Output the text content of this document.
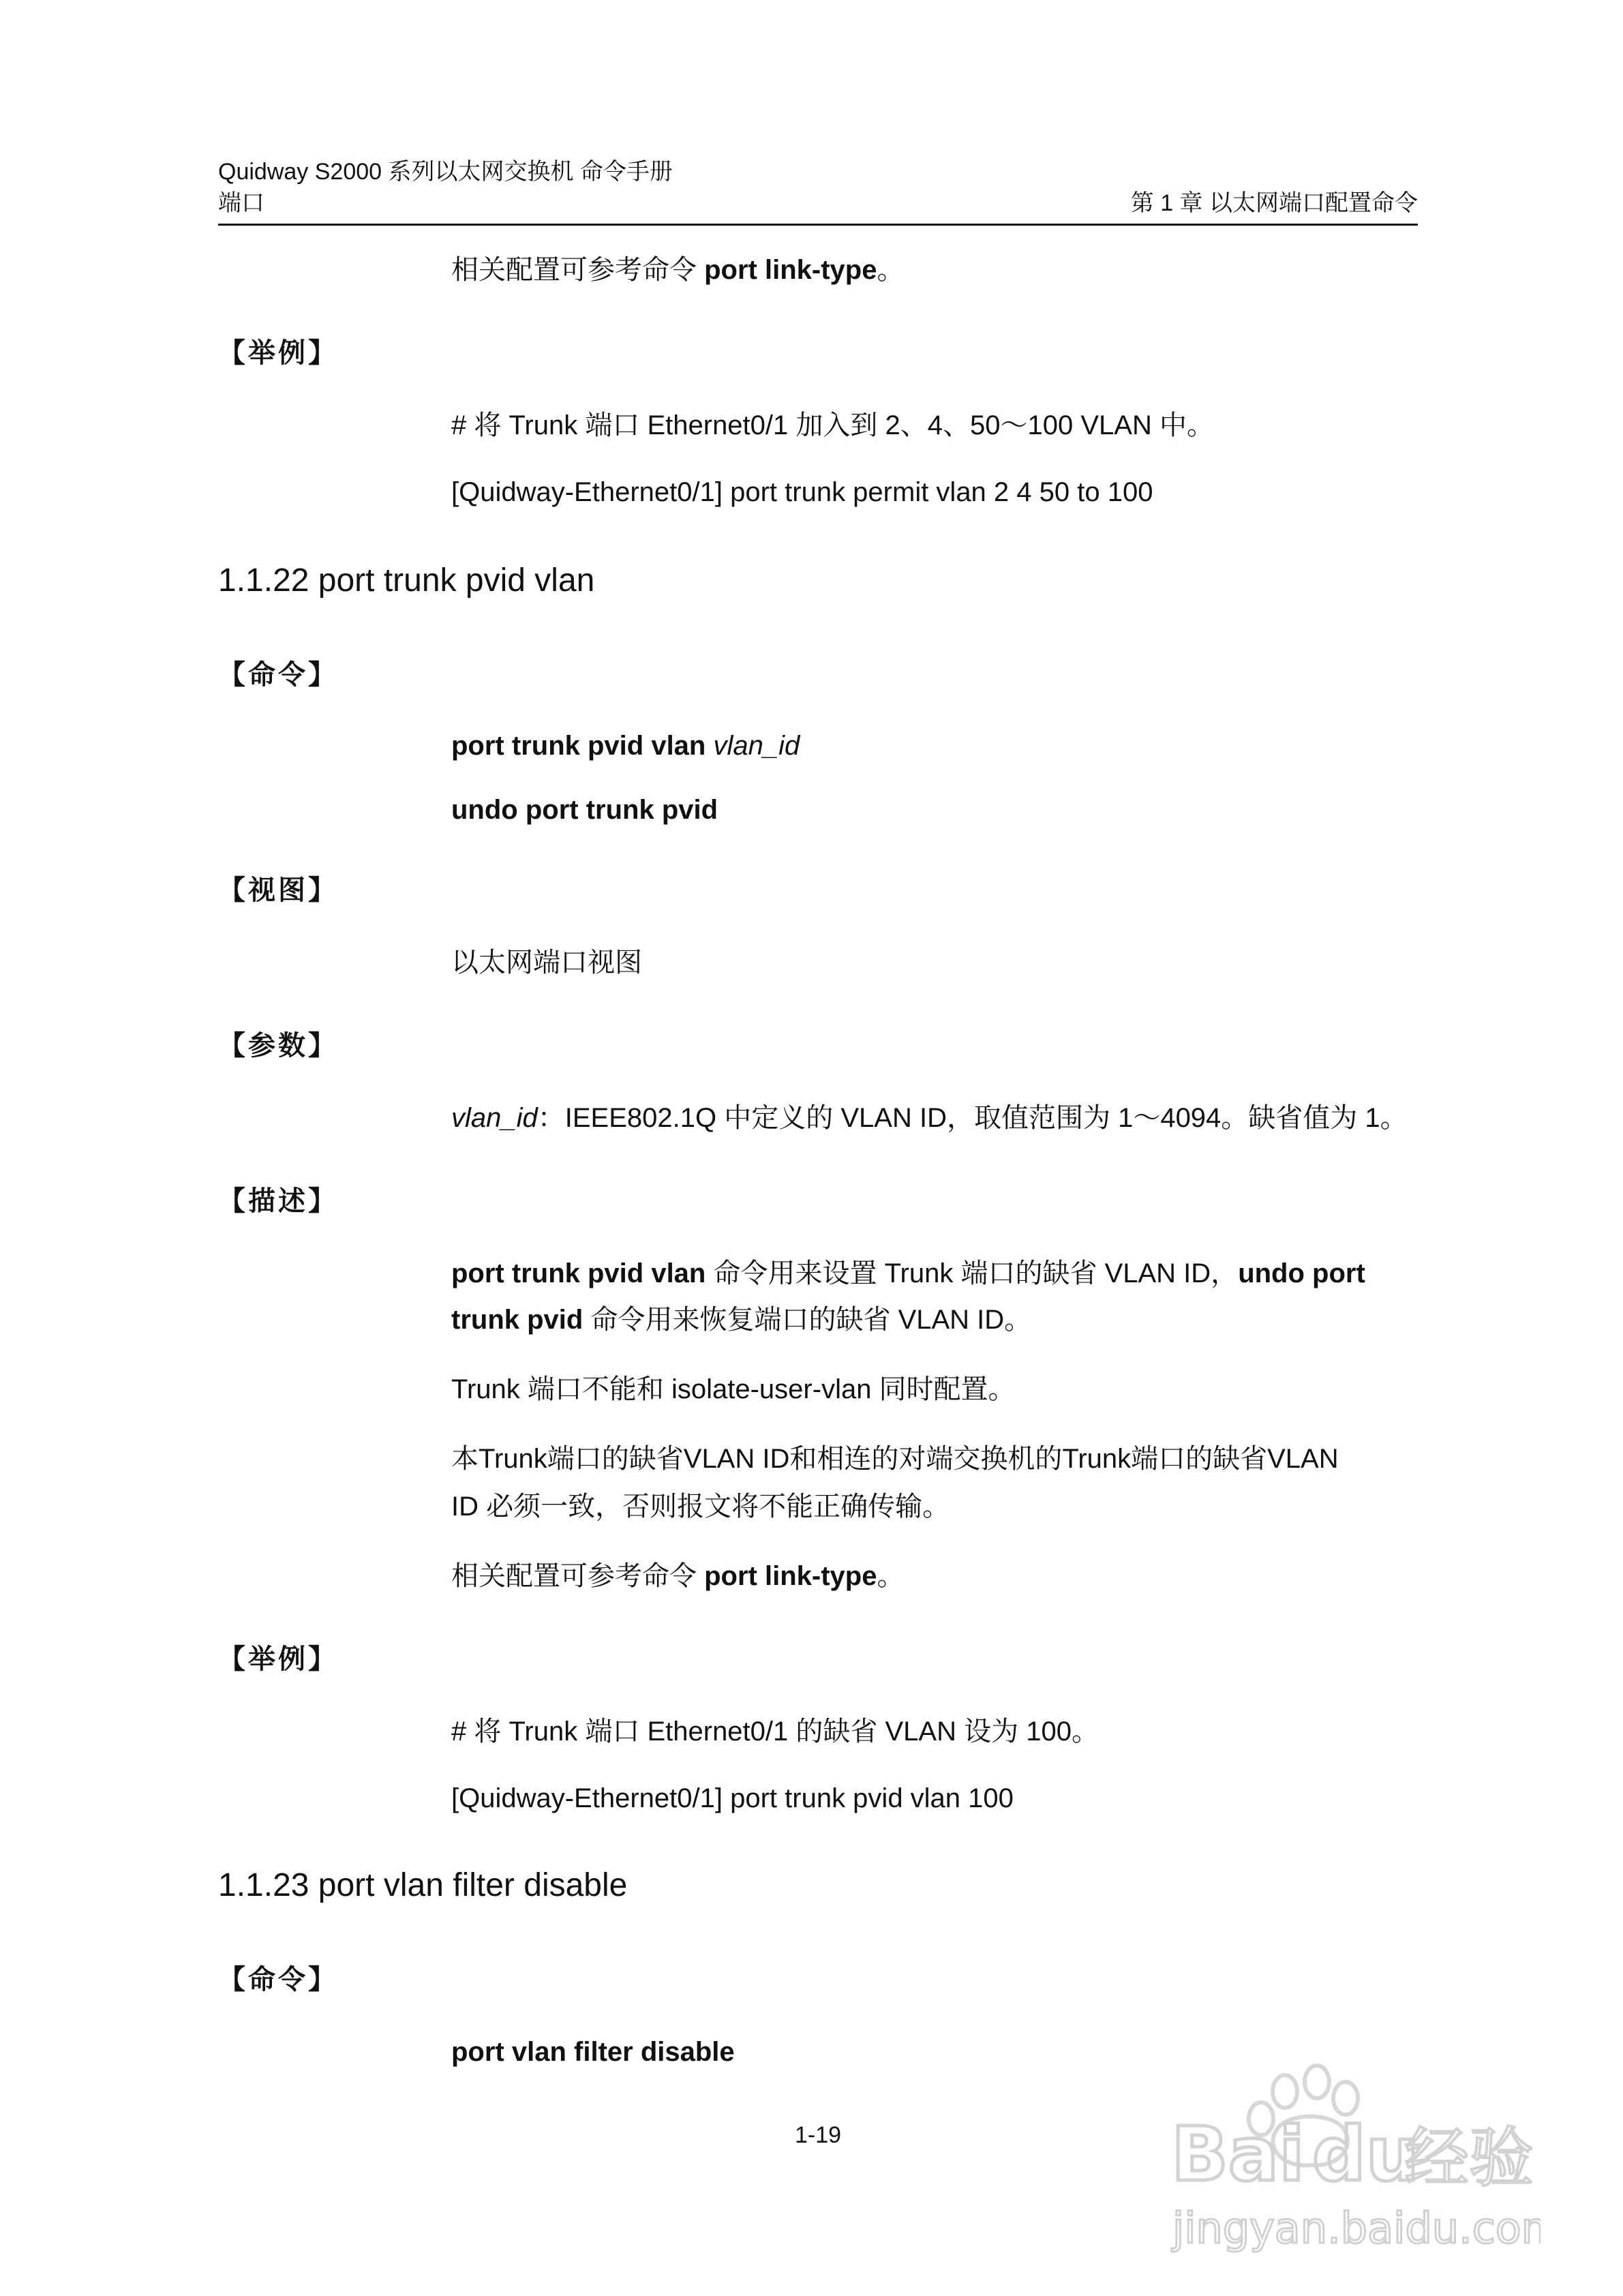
Quidway S2000 系列以太网交换机 命令手册
端口	第 1 章 以太网端口配置命令
相关配置可参考命令 port link-type。
【举例】
# 将 Trunk 端口 Ethernet0/1 加入到 2、4、50～100 VLAN 中。
[Quidway-Ethernet0/1] port trunk permit vlan 2 4 50 to 100
1.1.22 port trunk pvid vlan
【命令】
port trunk pvid vlan vlan_id
undo port trunk pvid
【视图】
以太网端口视图
【参数】
vlan_id：IEEE802.1Q 中定义的 VLAN ID，取值范围为 1～4094。缺省值为 1。
【描述】
port trunk pvid vlan 命令用来设置 Trunk 端口的缺省 VLAN ID，undo port
trunk pvid 命令用来恢复端口的缺省 VLAN ID。
Trunk 端口不能和 isolate-user-vlan 同时配置。
本Trunk端口的缺省VLAN ID和相连的对端交换机的Trunk端口的缺省VLAN
ID 必须一致，否则报文将不能正确传输。
相关配置可参考命令 port link-type。
【举例】
# 将 Trunk 端口 Ethernet0/1 的缺省 VLAN 设为 100。
[Quidway-Ethernet0/1] port trunk pvid vlan 100
1.1.23 port vlan filter disable
【命令】
port vlan filter disable
1-19	Bai du
经验
jingyan.baidu.com
